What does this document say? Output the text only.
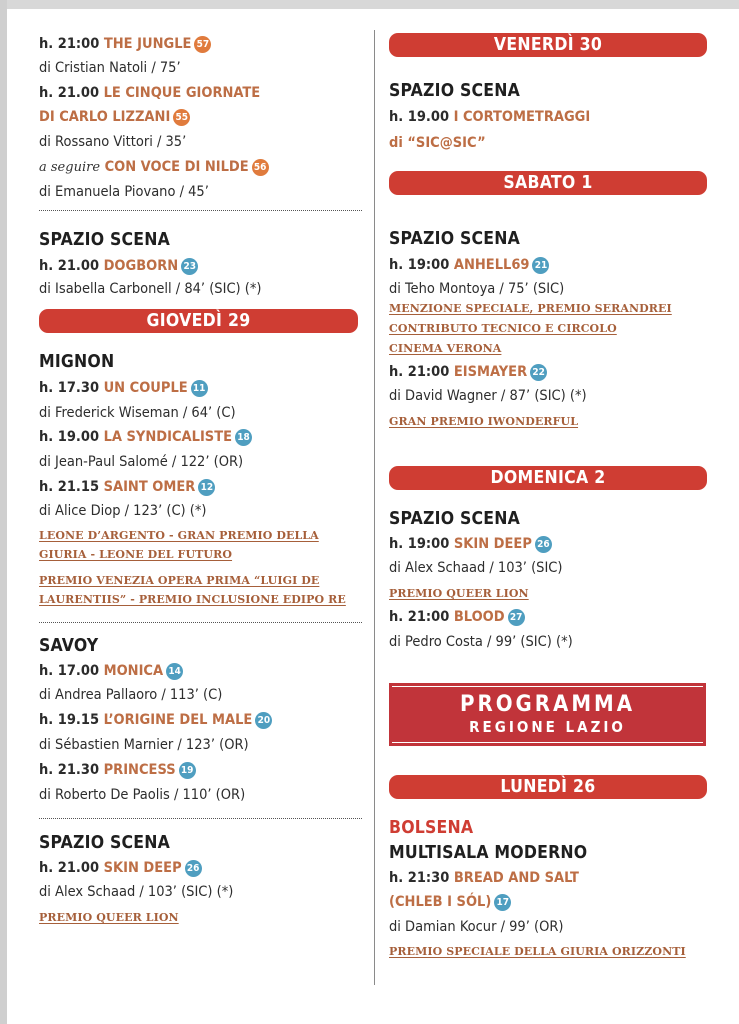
h. 21:00 THE JUNGLE 57
di Cristian Natoli / 75’
h. 21.00 LE CINQUE GIORNATE
DI CARLO LIZZANI 55
di Rossano Vittori / 35’
a seguire CON VOCE DI NILDE 56
di Emanuela Piovano / 45’
SPAZIO SCENA
h. 21.00 DOGBORN 23
di Isabella Carbonell / 84’ (SIC) (*)
GIOVEDÌ 29
MIGNON
h. 17.30 UN COUPLE 11
di Frederick Wiseman / 64’ (C)
h. 19.00 LA SYNDICALISTE 18
di Jean-Paul Salomé / 122’ (OR)
h. 21.15 SAINT OMER 12
di Alice Diop / 123’ (C) (*)
LEONE D’ARGENTO - GRAN PREMIO DELLA
GIURIA - LEONE DEL FUTURO
PREMIO VENEZIA OPERA PRIMA “LUIGI DE
LAURENTIIS” - PREMIO INCLUSIONE EDIPO RE
SAVOY
h. 17.00 MONICA 14
di Andrea Pallaoro / 113’ (C)
h. 19.15 L’ORIGINE DEL MALE 20
di Sébastien Marnier / 123’ (OR)
h. 21.30 PRINCESS 19
di Roberto De Paolis / 110’ (OR)
SPAZIO SCENA
h. 21.00 SKIN DEEP 26
di Alex Schaad / 103’ (SIC) (*)
PREMIO QUEER LION
VENERDÌ 30
SPAZIO SCENA
h. 19.00 I CORTOMETRAGGI
di “SIC@SIC”
SABATO 1
SPAZIO SCENA
h. 19:00 ANHELL69 21
di Teho Montoya / 75’ (SIC)
MENZIONE SPECIALE, PREMIO SERANDREI
CONTRIBUTO TECNICO E CIRCOLO
CINEMA VERONA
h. 21:00 EISMAYER 22
di David Wagner / 87’ (SIC) (*)
GRAN PREMIO IWONDERFUL
DOMENICA 2
SPAZIO SCENA
h. 19:00 SKIN DEEP 26
di Alex Schaad / 103’ (SIC)
PREMIO QUEER LION
h. 21:00 BLOOD 27
di Pedro Costa / 99’ (SIC) (*)
PROGRAMMA
REGIONE LAZIO
LUNEDÌ 26
BOLSENA
MULTISALA MODERNO
h. 21:30 BREAD AND SALT
(CHLEB I SÓL) 17
di Damian Kocur / 99’ (OR)
PREMIO SPECIALE DELLA GIURIA ORIZZONTI
